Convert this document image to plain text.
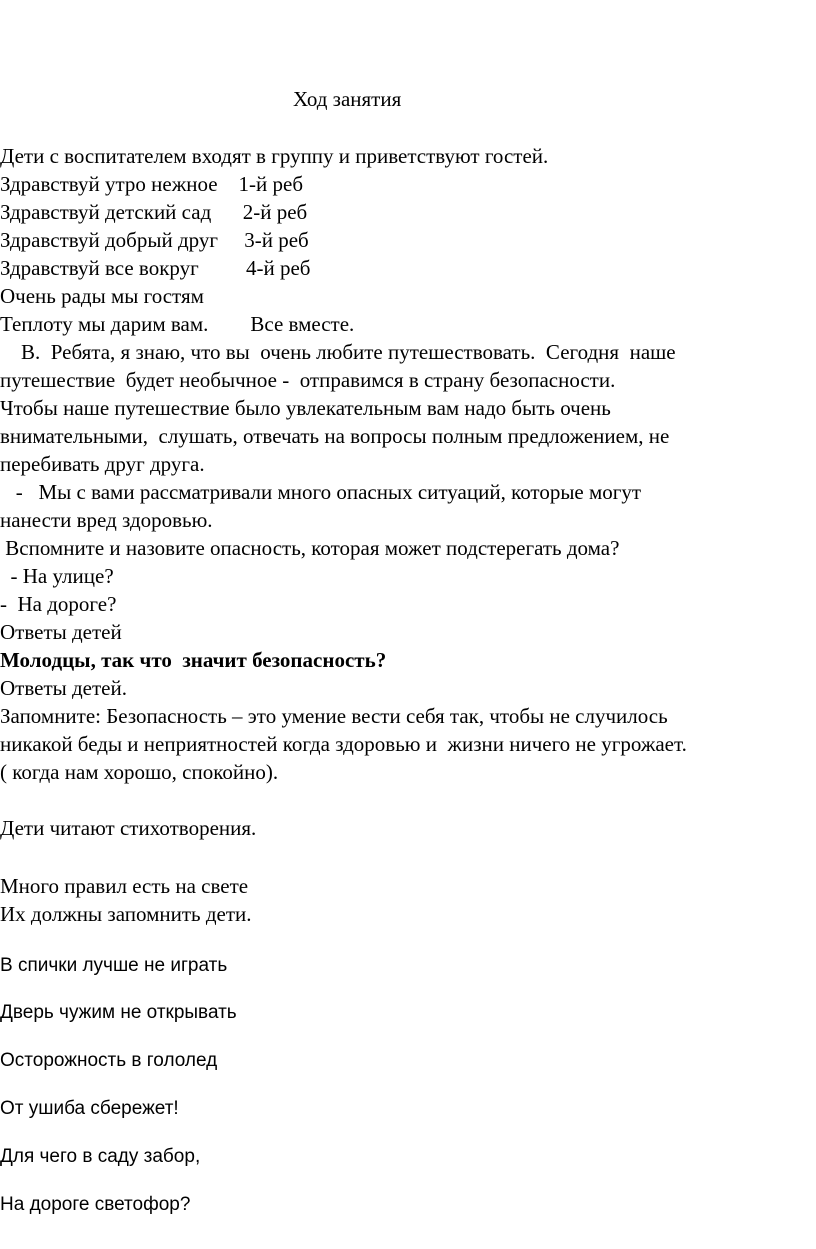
Ход занятия
Дети с воспитателем входят в группу и приветствуют гостей.
Здравствуй утро нежное    1-й реб
Здравствуй детский сад      2-й реб
Здравствуй добрый друг     3-й реб
Здравствуй все вокруг         4-й реб
Очень рады мы гостям
Теплоту мы дарим вам.        Все вместе.
В.  Ребята, я знаю, что вы  очень любите путешествовать.  Сегодня  наше
путешествие  будет необычное -  отправимся в страну безопасности.
Чтобы наше путешествие было увлекательным вам надо быть очень
внимательными,  слушать, отвечать на вопросы полным предложением, не
перебивать друг друга.
-   Мы с вами рассматривали много опасных ситуаций, которые могут
нанести вред здоровью.
Вспомните и назовите опасность, которая может подстерегать дома?
- На улице?
-  На дороге?
Ответы детей
Молодцы, так что  значит безопасность?
Ответы детей.
Запомните: Безопасность – это умение вести себя так, чтобы не случилось
никакой беды и неприятностей когда здоровью и  жизни ничего не угрожает.
( когда нам хорошо, спокойно).
Дети читают стихотворения.
Много правил есть на свете
Их должны запомнить дети.
В спички лучше не играть
Дверь чужим не открывать
Осторожность в гололед
От ушиба сбережет!
Для чего в саду забор,
На дороге светофор?
